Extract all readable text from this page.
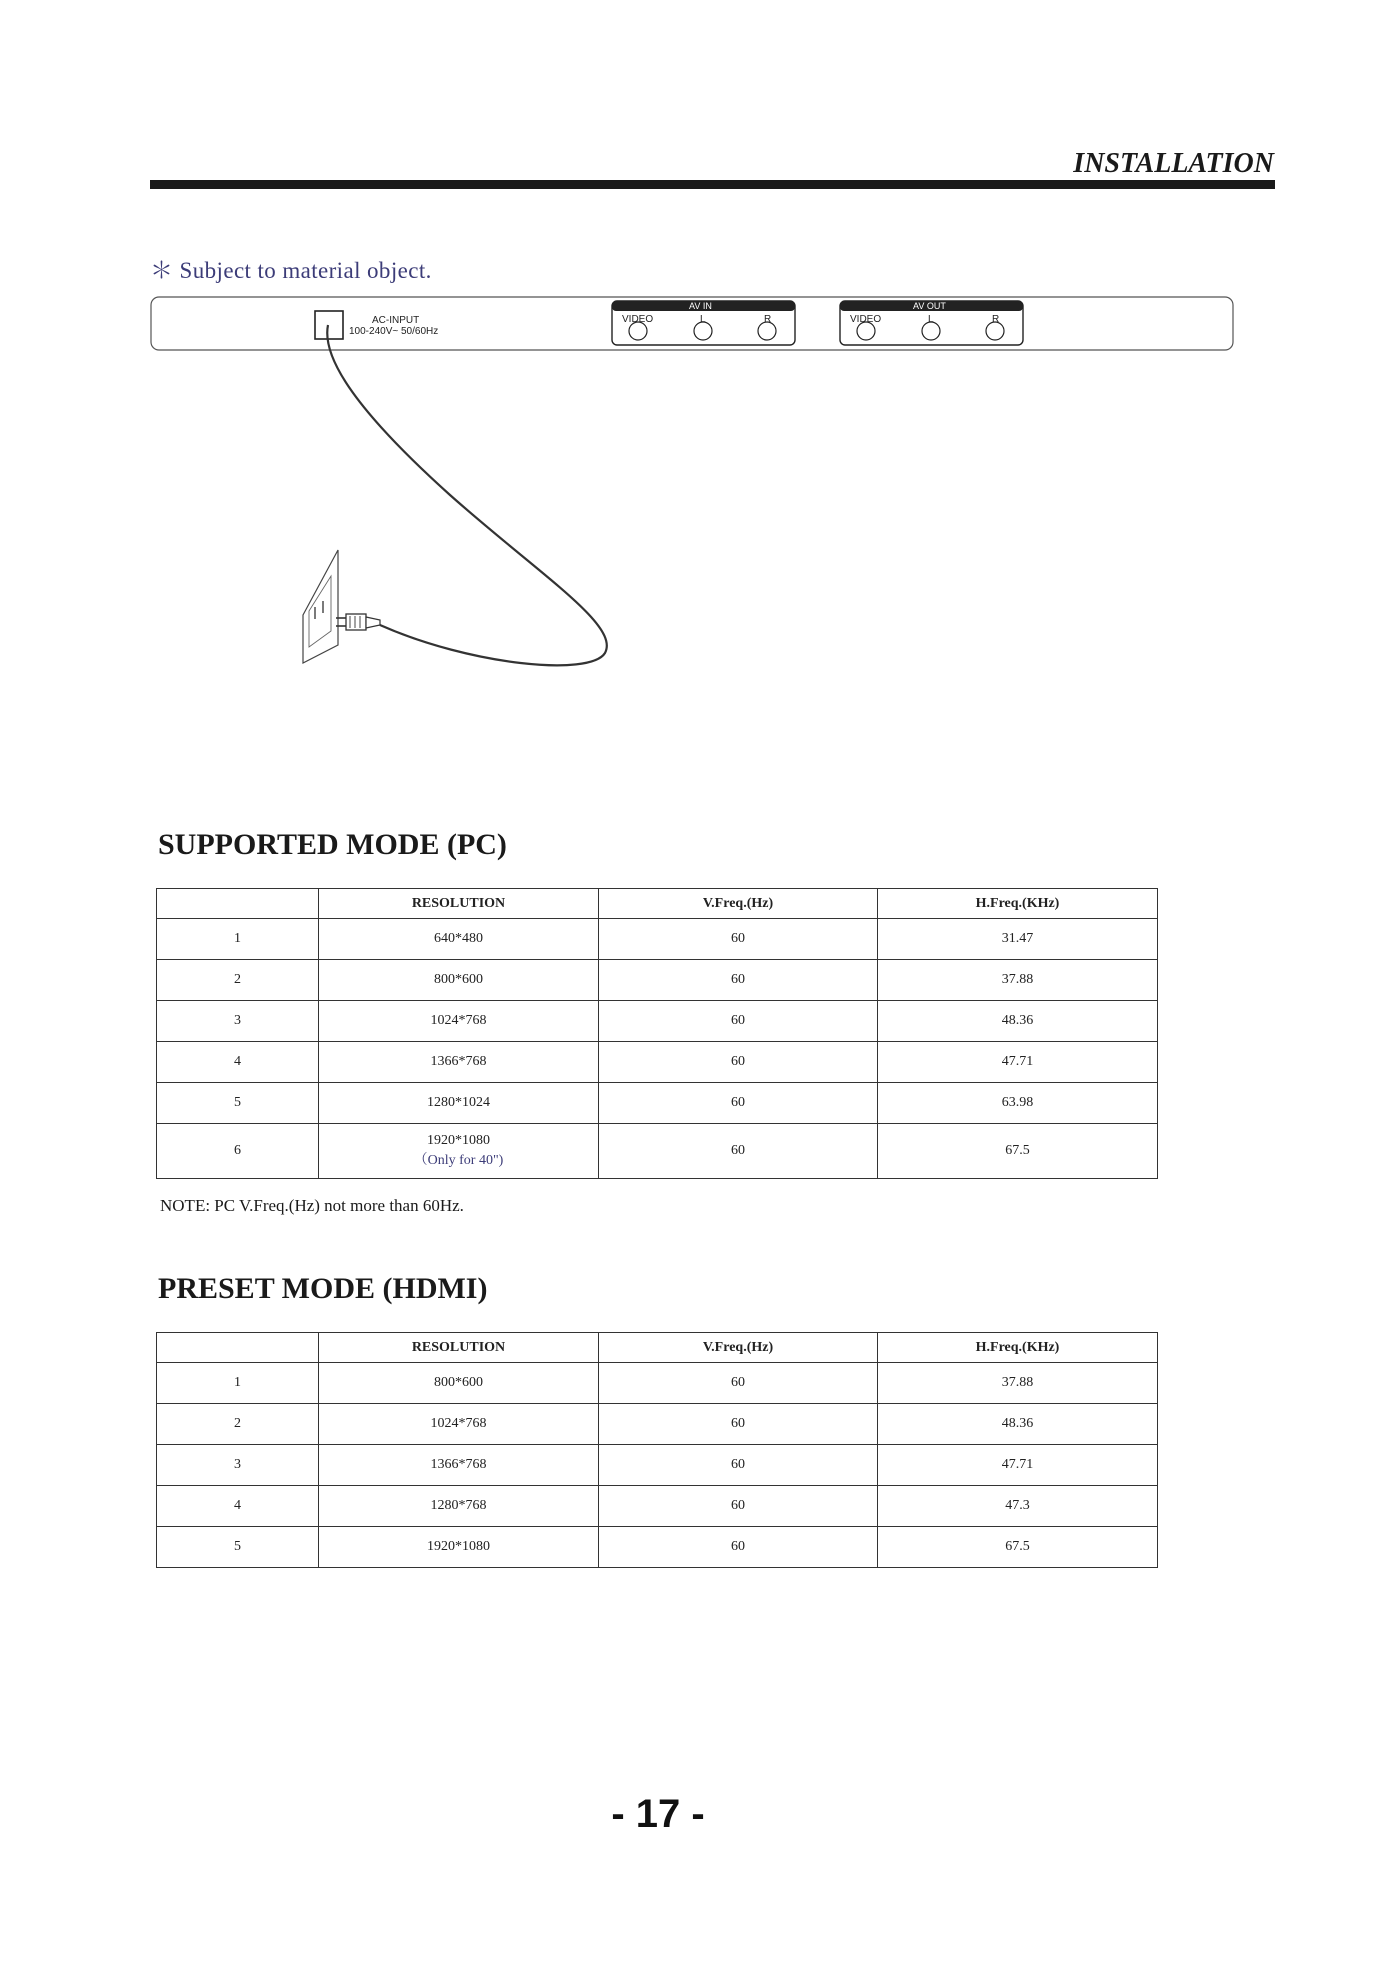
INSTALLATION
＊ Subject to material object.
AC-INPUT
100-240V~ 50/60Hz
AV IN
VIDEO	L	R
AV OUT
VIDEO	L	R
SUPPORTED MODE (PC)
	RESOLUTION	V.Freq.(Hz)	H.Freq.(KHz)
1	640*480	60	31.47
2	800*600	60	37.88
3	1024*768	60	48.36
4	1366*768	60	47.71
5	1280*1024	60	63.98
6	1920*1080
（Only for 40")	60	67.5
NOTE: PC V.Freq.(Hz) not more than 60Hz.
PRESET MODE (HDMI)
	RESOLUTION	V.Freq.(Hz)	H.Freq.(KHz)
1	800*600	60	37.88
2	1024*768	60	48.36
3	1366*768	60	47.71
4	1280*768	60	47.3
5	1920*1080	60	67.5
- 17 -
